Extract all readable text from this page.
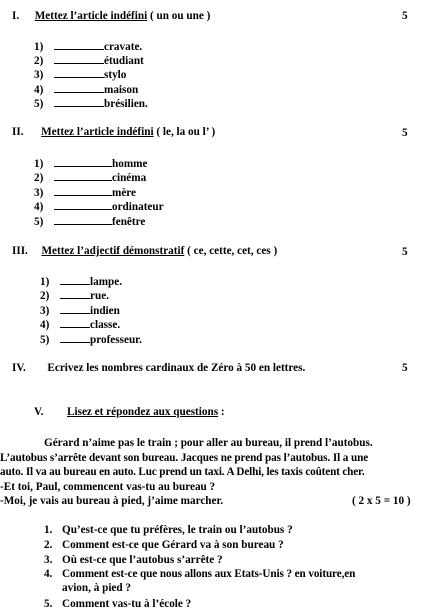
I. Mettez l’article indéfini ( un ou une )	5
1)	cravate.
2)	étudiant
3)	stylo
4)	maison
5)	brésilien.
II. Mettez l’article indéfini ( le, la ou l’ )	5
1)	homme
2)	cinéma
3)	mère
4)	ordinateur
5)	fenêtre
III. Mettez l’adjectif démonstratif ( ce, cette, cet, ces )	5
1)	lampe.
2)	rue.
3)	indien
4)	classe.
5)	professeur.
IV. Ecrivez les nombres cardinaux de Zéro à 50 en lettres.	5
V. Lisez et répondez aux questions :
Gérard n’aime pas le train ; pour aller au bureau, il prend l’autobus.
L’autobus s’arrête devant son bureau. Jacques ne prend pas l’autobus. Il a une
auto. Il va au bureau en auto. Luc prend un taxi. A Delhi, les taxis coûtent cher.
-Et toi, Paul, commencent vas-tu au bureau ?
-Moi, je vais au bureau à pied, j’aime marcher.	( 2 x 5 = 10 )
1. Qu’est-ce que tu préfères, le train ou l’autobus ?
2. Comment est-ce que Gérard va à son bureau ?
3. Où est-ce que l’autobus s’arrête ?
4. Comment est-ce que nous allons aux Etats-Unis ? en voiture,en
avion, à pied ?
5. Comment vas-tu à l’école ?
